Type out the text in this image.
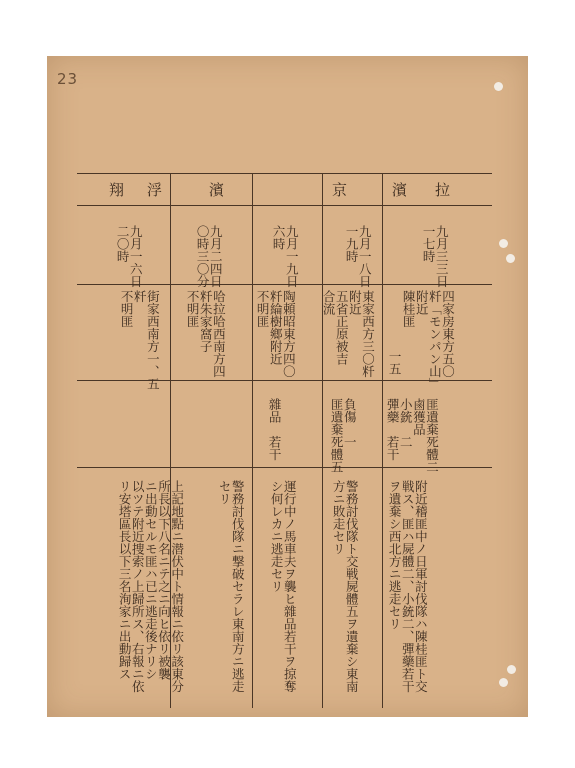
23
拉
濱
京
濱
浮
翔
九月三三日
一七時
四家房東方五〇
粁「モンパン山」
附近
陳桂匪
一五
匪遺棄死體二
鹵獲品
小銃　二
彈藥　若干
附近稽匪中ノ日軍討伐隊ハ陳桂匪ト交
戦ス、匪ハ屍體二、小銃二、彈藥若干
ヲ遺棄シ西北方ニ逃走セリ
九月一八日
一九時
東家西方三〇粁
附近
五省正原被吉
合流
負傷　一
匪遺棄死體五
警務討伐隊ト交戦屍體五ヲ遺棄シ東南
方ニ敗走セリ
九月一九日
六時
陶頼昭東方四〇
粁綸樹鄉附近
不明匪
雜品　若干
運行中ノ馬車夫ヲ襲ヒ雜品若干ヲ掠奪
シ何レカニ逃走セリ
九月二四日
〇時三〇分
哈拉哈西南方四
粁朱家窩子
不明匪
警務討伐隊ニ撃破セラレ東南方ニ逃走
セリ
九月一六日
二〇時
街家西南方一、五
粁
不明匪
上記地點ニ潜伏中ト情報ニ依リ該東分
所長以下八名ニテ之ニ向ヒ依リ被襲
ニ出動セルモ匪ハ已ニ逃走後ナリシ
以ツテ附近捜索ノ上歸所ス、右報ニ依
リ安塔區長以下三名洵家ニ出動歸ス
